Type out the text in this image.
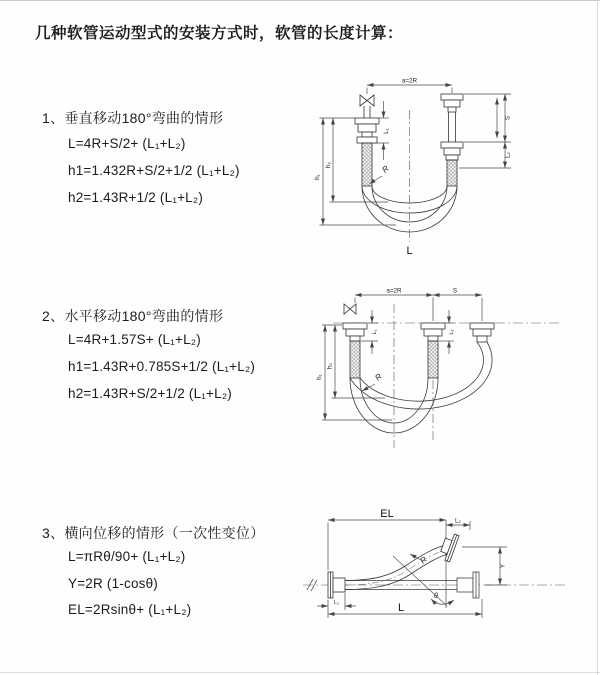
几种软管运动型式的安装方式时，软管的长度计算：
1、垂直移动180°弯曲的情形
L=4R+S/2+ (L₁+L₂)
h1=1.432R+S/2+1/2 (L₁+L₂)
h2=1.43R+1/2 (L₁+L₂)
2、水平移动180°弯曲的情形
L=4R+1.57S+ (L₁+L₂)
h1=1.43R+0.785S+1/2 (L₁+L₂)
h2=1.43R+S/2+1/2 (L₁+L₂)
3、横向位移的情形（一次性变位）
L=πRθ/90+ (L₁+L₂)
Y=2R (1-cosθ)
EL=2Rsinθ+ (L₁+L₂)
a=2R
h₁
h₂
L₁
S
L₂
R
L
a=2R	S
h₁
h₂
L₁	L₂
R
EL
L₂
Y
R
θ
L
L₁
